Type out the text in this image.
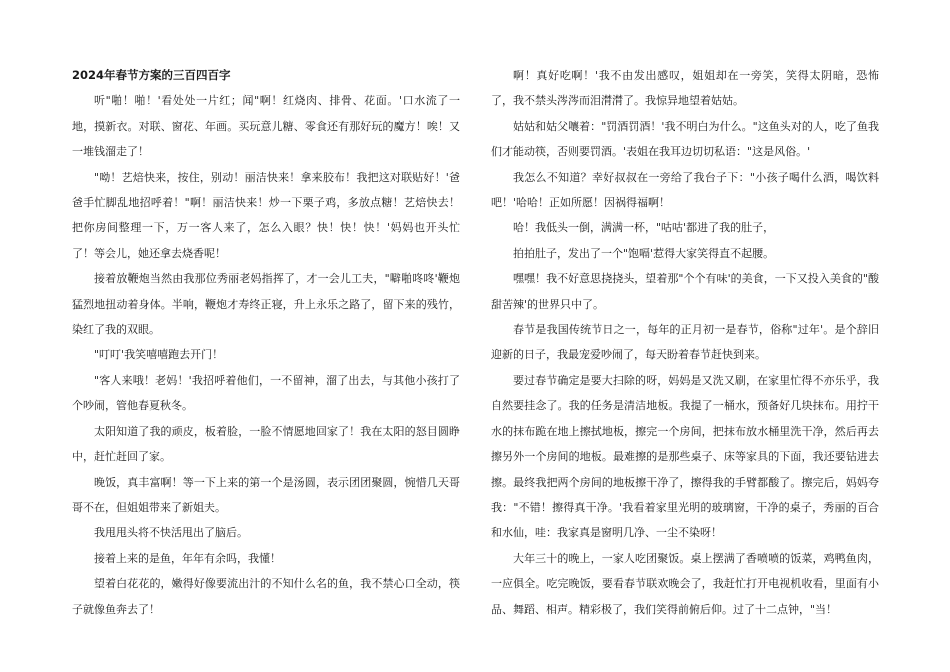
2024年春节方案的三百四百字

听"啪！啪！'看处处一片红；闻"啊！红烧肉、排骨、花面。'口水流了一地，摸新衣。对联、窗花、年画。买玩意儿糖、零食还有那好玩的魔方！唉！又一堆钱溜走了！

"呦！艺焙快来，按住，别动！丽洁快来！拿来胶布！我把这对联贴好！'爸爸手忙脚乱地招呼着！"啊！丽洁快来！炒一下栗子鸡，多放点糖！艺焙快去！把你房间整理一下，万一客人来了，怎么入眼？快！快！快！'妈妈也开头忙了！等会儿，她还拿去烧香呢！

接着放鞭炮当然由我那位秀丽老妈指挥了，才一会儿工夫，"噼啪咚咚'鞭炮猛烈地扭动着身体。半响，鞭炮才寿终正寝，升上永乐之路了，留下来的残竹，染红了我的双眼。

"叮叮'我笑嘻嘻跑去开门！

"客人来哦！老妈！'我招呼着他们，一不留神，溜了出去，与其他小孩打了个吵闹，管他春夏秋冬。

太阳知道了我的顽皮，板着脸，一脸不情愿地回家了！我在太阳的怒目圆睁中，赶忙赶回了家。

晚饭，真丰富啊！等一下上来的第一个是汤圆，表示团团聚圆，惋惜几天哥哥不在，但姐姐带来了新姐夫。

我甩甩头将不快活甩出了脑后。

接着上来的是鱼，年年有余吗，我懂！

望着白花花的，嫩得好像要流出汁的不知什么名的鱼，我不禁心口全动，筷子就像鱼奔去了！

啊！真好吃啊！'我不由发出感叹，姐姐却在一旁笑，笑得太阴暗，恐怖了，我不禁头涔涔而泪潸潸了。我惊异地望着姑姑。

姑姑和姑父嚷着："罚酒罚酒！'我不明白为什么。"这鱼头对的人，吃了鱼我们才能动筷，否则要罚酒。'表姐在我耳边切切私语："这是风俗。'

我怎么不知道？幸好叔叔在一旁给了我台子下："小孩子喝什么酒，喝饮料吧！'哈哈！正如所愿！因祸得福啊！

哈！我低头一倒，满满一杯，"咕咕'都进了我的肚子，

拍拍肚子，发出了一个"饱嗝'惹得大家笑得直不起腰。

嘿嘿！我不好意思挠挠头，望着那"个个有味'的美食，一下又投入美食的"酸甜苦辣'的世界只中了。

春节是我国传统节日之一，每年的正月初一是春节，俗称"过年'。是个辞旧迎新的日子，我最宠爱吵闹了，每天盼着春节赶快到来。

要过春节确定是要大扫除的呀，妈妈是又洗又刷，在家里忙得不亦乐乎，我自然要挂念了。我的任务是清洁地板。我提了一桶水，预备好几块抹布。用拧干水的抹布跪在地上擦拭地板，擦完一个房间，把抹布放水桶里洗干净，然后再去擦另外一个房间的地板。最难擦的是那些桌子、床等家具的下面，我还要钻进去擦。最终我把两个房间的地板擦干净了，擦得我的手臂都酸了。擦完后，妈妈夸我："不错！擦得真干净。'我看着家里光明的玻璃窗，干净的桌子，秀丽的百合和水仙，哇：我家真是窗明几净、一尘不染呀！

大年三十的晚上，一家人吃团聚饭。桌上摆满了香喷喷的饭菜，鸡鸭鱼肉，一应俱全。吃完晚饭，要看春节联欢晚会了，我赶忙打开电视机收看，里面有小品、舞蹈、相声。精彩极了，我们笑得前俯后仰。过了十二点钟，"当！
